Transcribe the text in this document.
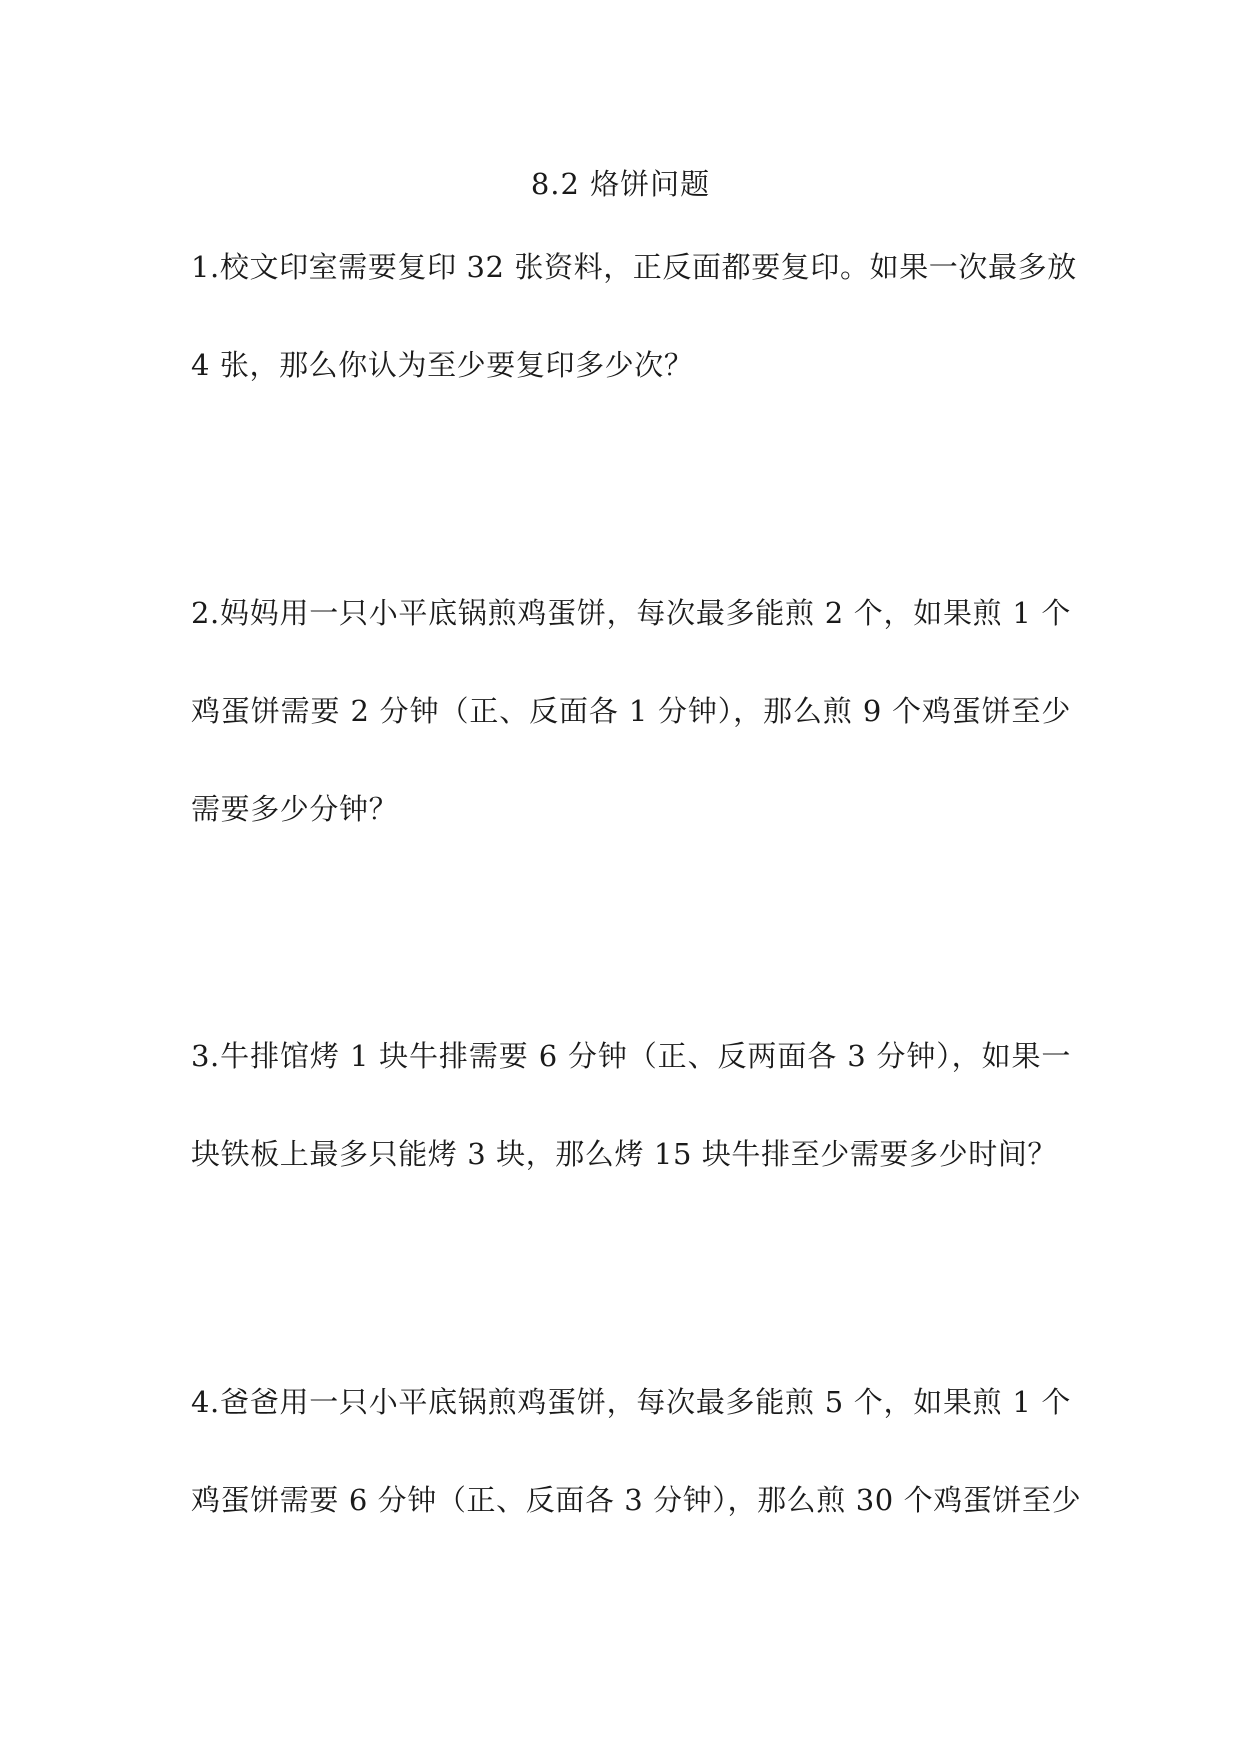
8.2 烙饼问题
1.校文印室需要复印 32 张资料，正反面都要复印。如果一次最多放
4 张，那么你认为至少要复印多少次？
2.妈妈用一只小平底锅煎鸡蛋饼，每次最多能煎 2 个，如果煎 1 个
鸡蛋饼需要 2 分钟（正、反面各 1 分钟），那么煎 9 个鸡蛋饼至少
需要多少分钟？
3.牛排馆烤 1 块牛排需要 6 分钟（正、反两面各 3 分钟），如果一
块铁板上最多只能烤 3 块，那么烤 15 块牛排至少需要多少时间？
4.爸爸用一只小平底锅煎鸡蛋饼，每次最多能煎 5 个，如果煎 1 个
鸡蛋饼需要 6 分钟（正、反面各 3 分钟），那么煎 30 个鸡蛋饼至少
